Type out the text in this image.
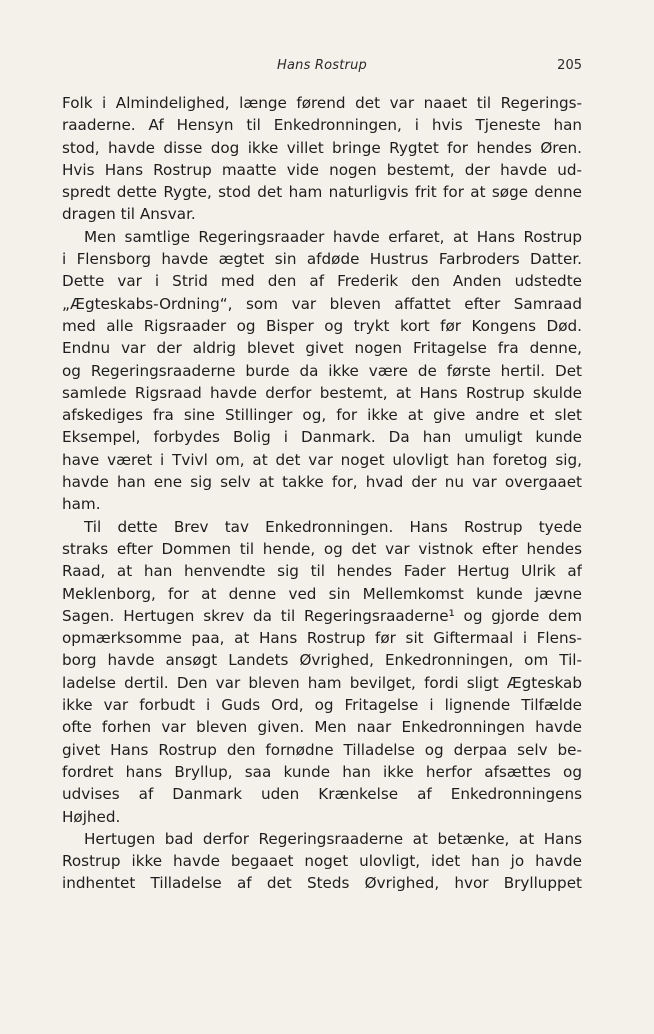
Hans Rostrup	205
Folk i Almindelighed, længe førend det var naaet til Regerings-
raaderne. Af Hensyn til Enkedronningen, i hvis Tjeneste han
stod, havde disse dog ikke villet bringe Rygtet for hendes Øren.
Hvis Hans Rostrup maatte vide nogen bestemt, der havde ud-
spredt dette Rygte, stod det ham naturligvis frit for at søge denne
dragen til Ansvar.
Men samtlige Regeringsraader havde erfaret, at Hans Rostrup
i Flensborg havde ægtet sin afdøde Hustrus Farbroders Datter.
Dette var i Strid med den af Frederik den Anden udstedte
„Ægteskabs-Ordning“, som var bleven affattet efter Samraad
med alle Rigsraader og Bisper og trykt kort før Kongens Død.
Endnu var der aldrig blevet givet nogen Fritagelse fra denne,
og Regeringsraaderne burde da ikke være de første hertil. Det
samlede Rigsraad havde derfor bestemt, at Hans Rostrup skulde
afskediges fra sine Stillinger og, for ikke at give andre et slet
Eksempel, forbydes Bolig i Danmark. Da han umuligt kunde
have været i Tvivl om, at det var noget ulovligt han foretog sig,
havde han ene sig selv at takke for, hvad der nu var overgaaet
ham.
Til dette Brev tav Enkedronningen. Hans Rostrup tyede
straks efter Dommen til hende, og det var vistnok efter hendes
Raad, at han henvendte sig til hendes Fader Hertug Ulrik af
Meklenborg, for at denne ved sin Mellemkomst kunde jævne
Sagen. Hertugen skrev da til Regeringsraaderne¹ og gjorde dem
opmærksomme paa, at Hans Rostrup før sit Giftermaal i Flens-
borg havde ansøgt Landets Øvrighed, Enkedronningen, om Til-
ladelse dertil. Den var bleven ham bevilget, fordi sligt Ægteskab
ikke var forbudt i Guds Ord, og Fritagelse i lignende Tilfælde
ofte forhen var bleven given. Men naar Enkedronningen havde
givet Hans Rostrup den fornødne Tilladelse og derpaa selv be-
fordret hans Bryllup, saa kunde han ikke herfor afsættes og
udvises af Danmark uden Krænkelse af Enkedronningens
Højhed.
Hertugen bad derfor Regeringsraaderne at betænke, at Hans
Rostrup ikke havde begaaet noget ulovligt, idet han jo havde
indhentet Tilladelse af det Steds Øvrighed, hvor Brylluppet
